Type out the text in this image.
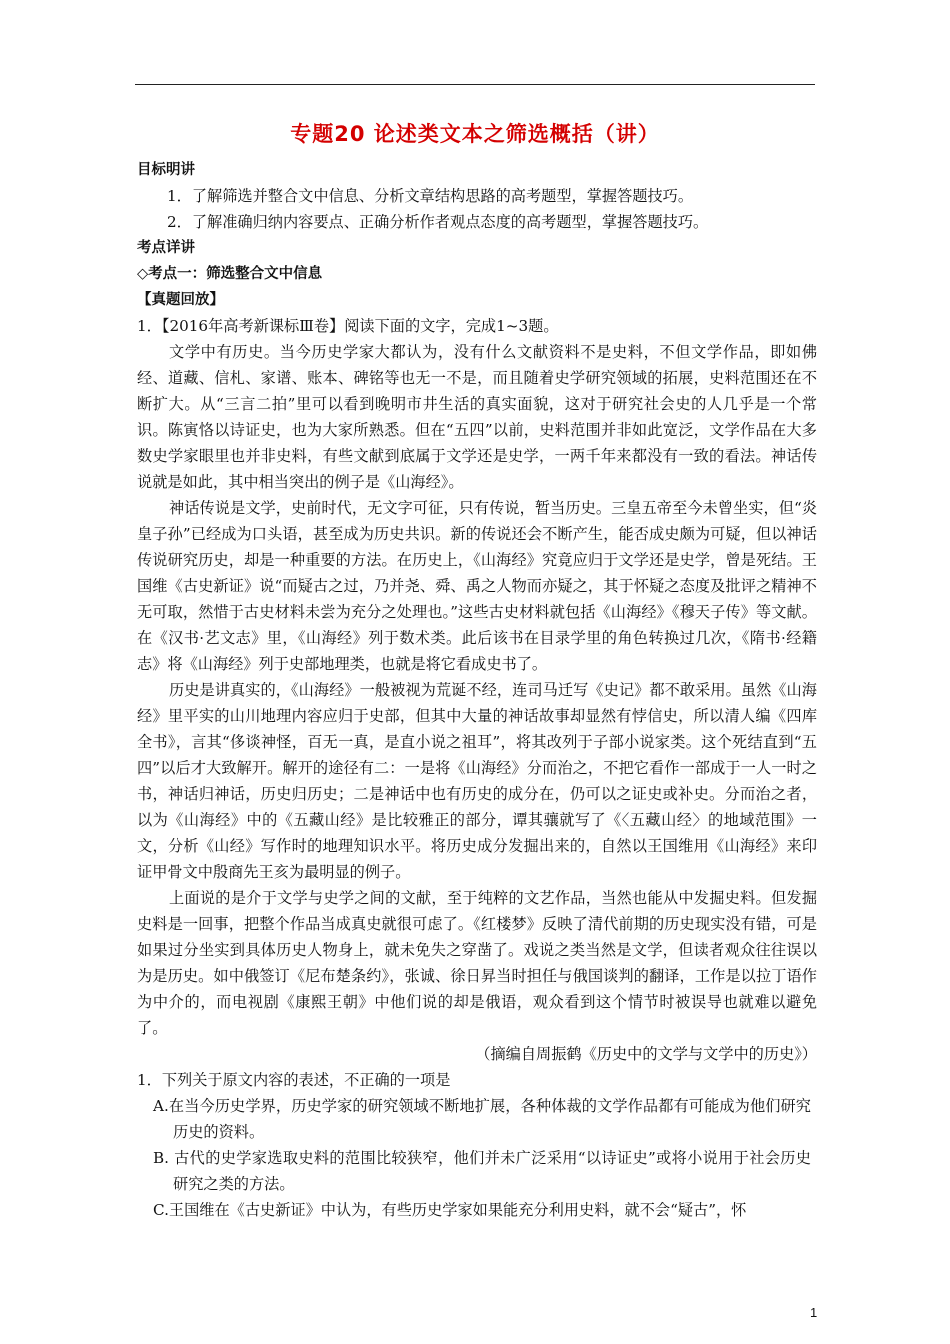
专题20 论述类文本之筛选概括（讲）

目标明讲

1．了解筛选并整合文中信息、分析文章结构思路的高考题型，掌握答题技巧。

2．了解准确归纳内容要点、正确分析作者观点态度的高考题型，掌握答题技巧。

考点详讲

◇考点一：筛选整合文中信息

【真题回放】

1．【2016年高考新课标Ⅲ卷】阅读下面的文字，完成1~3题。

文学中有历史。当今历史学家大都认为，没有什么文献资料不是史料，不但文学作品，即如佛经、道藏、信札、家谱、账本、碑铭等也无一不是，而且随着史学研究领域的拓展，史料范围还在不断扩大。从“三言二拍”里可以看到晚明市井生活的真实面貌，这对于研究社会史的人几乎是一个常识。陈寅恪以诗证史，也为大家所熟悉。但在“五四”以前，史料范围并非如此宽泛，文学作品在大多数史学家眼里也并非史料，有些文献到底属于文学还是史学，一两千年来都没有一致的看法。神话传说就是如此，其中相当突出的例子是《山海经》。

神话传说是文学，史前时代，无文字可征，只有传说，暂当历史。三皇五帝至今未曾坐实，但“炎皇子孙”已经成为口头语，甚至成为历史共识。新的传说还会不断产生，能否成史颇为可疑，但以神话传说研究历史，却是一种重要的方法。在历史上，《山海经》究竟应归于文学还是史学，曾是死结。王国维《古史新证》说“而疑古之过，乃并尧、舜、禹之人物而亦疑之，其于怀疑之态度及批评之精神不无可取，然惜于古史材料未尝为充分之处理也。”这些古史材料就包括《山海经》《穆天子传》等文献。在《汉书·艺文志》里，《山海经》列于数术类。此后该书在目录学里的角色转换过几次，《隋书·经籍志》将《山海经》列于史部地理类，也就是将它看成史书了。

历史是讲真实的，《山海经》一般被视为荒诞不经，连司马迁写《史记》都不敢采用。虽然《山海经》里平实的山川地理内容应归于史部，但其中大量的神话故事却显然有悖信史，所以清人编《四库全书》，言其“侈谈神怪，百无一真，是直小说之祖耳”，将其改列于子部小说家类。这个死结直到“五四”以后才大致解开。解开的途径有二：一是将《山海经》分而治之，不把它看作一部成于一人一时之书，神话归神话，历史归历史；二是神话中也有历史的成分在，仍可以之证史或补史。分而治之者，以为《山海经》中的《五藏山经》是比较雅正的部分，谭其骧就写了《〈五藏山经〉的地域范围》一文，分析《山经》写作时的地理知识水平。将历史成分发掘出来的，自然以王国维用《山海经》来印证甲骨文中殷商先王亥为最明显的例子。

上面说的是介于文学与史学之间的文献，至于纯粹的文艺作品，当然也能从中发掘史料。但发掘史料是一回事，把整个作品当成真史就很可虑了。《红楼梦》反映了清代前期的历史现实没有错，可是如果过分坐实到具体历史人物身上，就未免失之穿凿了。戏说之类当然是文学，但读者观众往往误以为是历史。如中俄签订《尼布楚条约》，张诚、徐日昇当时担任与俄国谈判的翻译，工作是以拉丁语作为中介的，而电视剧《康熙王朝》中他们说的却是俄语，观众看到这个情节时被误导也就难以避免了。

（摘编自周振鹤《历史中的文学与文学中的历史》）

1．下列关于原文内容的表述，不正确的一项是

A.在当今历史学界，历史学家的研究领域不断地扩展，各种体裁的文学作品都有可能成为他们研究历史的资料。

B. 古代的史学家选取史料的范围比较狭窄，他们并未广泛采用“以诗证史”或将小说用于社会历史研究之类的方法。

C.王国维在《古史新证》中认为，有些历史学家如果能充分利用史料，就不会“疑古”，怀

1
